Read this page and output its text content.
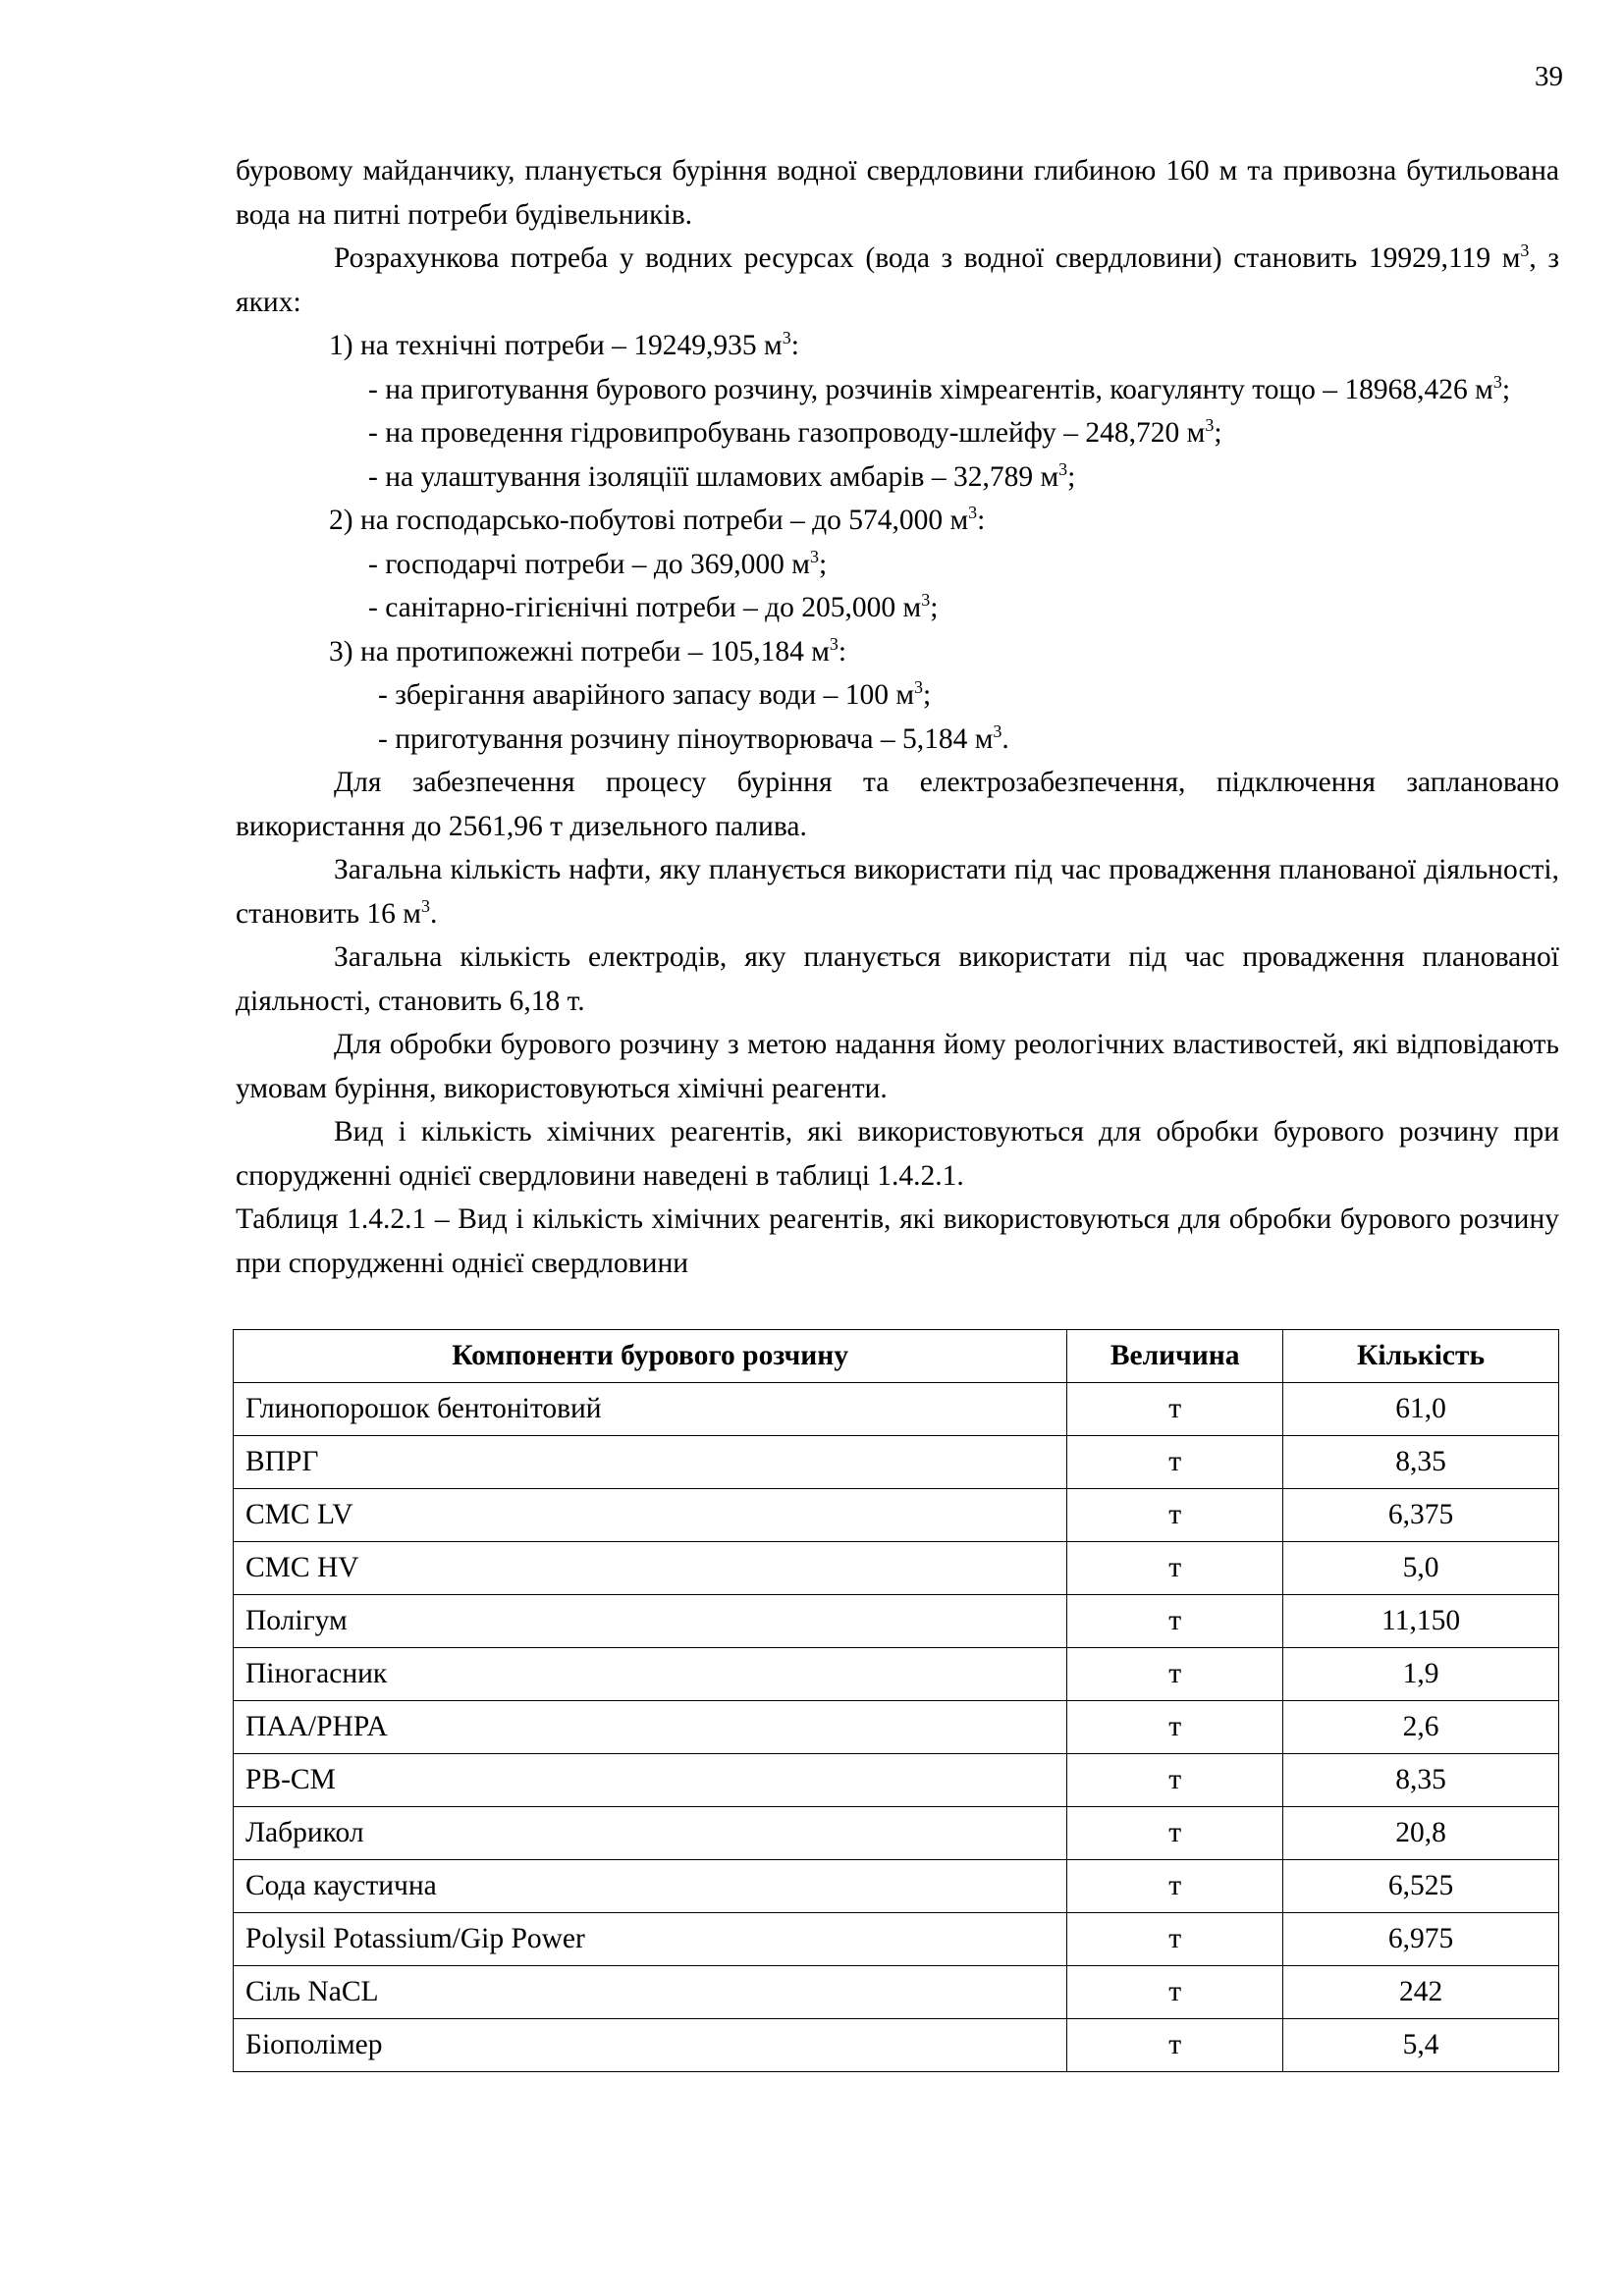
39

буровому майданчику, планується буріння водної свердловини глибиною 160 м та привозна бутильована вода на питні потреби будівельників.

Розрахункова потреба у водних ресурсах (вода з водної свердловини) становить 19929,119 $м^3$, з яких:

1) на технічні потреби – 19249,935 $м^3$:

- на приготування бурового розчину, розчинів хімреагентів, коагулянту тощо – 18968,426 $м^3$;

- на проведення гідровипробувань газопроводу-шлейфу – 248,720 $м^3$;

- на улаштування ізоляціїї шламових амбарів – 32,789 $м^3$;

2) на господарсько-побутові потреби – до 574,000 $м^3$:

- господарчі потреби – до 369,000 $м^3$;

- санітарно-гігієнічні потреби – до 205,000 $м^3$;

3) на протипожежні потреби – 105,184 $м^3$:

- зберігання аварійного запасу води – 100 $м^3$;

- приготування розчину піноутворювача – 5,184 $м^3$.

Для забезпечення процесу буріння та електрозабезпечення, підключення заплановано використання до 2561,96 т дизельного палива.

Загальна кількість нафти, яку планується використати під час провадження планованої діяльності, становить 16 $м^3$.

Загальна кількість електродів, яку планується використати під час провадження планованої діяльності, становить 6,18 т.

Для обробки бурового розчину з метою надання йому реологічних властивостей, які відповідають умовам буріння, використовуються хімічні реагенти.

Вид і кількість хімічних реагентів, які використовуються для обробки бурового розчину при спорудженні однієї свердловини наведені в таблиці 1.4.2.1.

Таблиця 1.4.2.1 – Вид і кількість хімічних реагентів, які використовуються для обробки бурового розчину при спорудженні однієї свердловини

Компоненти бурового розчину	Величина	Кількість
Глинопорошок бентонітовий	т	61,0
ВПРГ	т	8,35
CMC LV	т	6,375
CMC HV	т	5,0
Полігум	т	11,150
Піногасник	т	1,9
ПАА/PHPA	т	2,6
РВ-СМ	т	8,35
Лабрикол	т	20,8
Сода каустична	т	6,525
Polysil Potassium/Gip Power	т	6,975
Сіль NaCL	т	242
Біополімер	т	5,4
